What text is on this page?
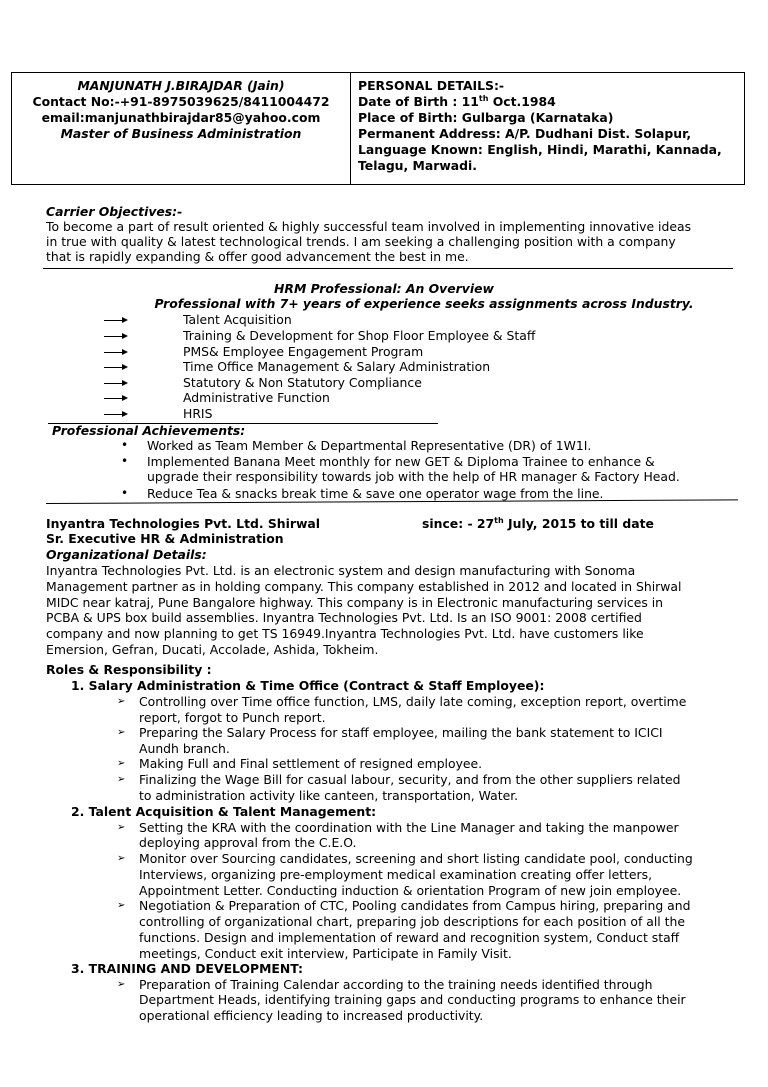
MANJUNATH J.BIRAJDAR (Jain)
Contact No:-+91-8975039625/8411004472
email:manjunathbirajdar85@yahoo.com
Master of Business Administration
PERSONAL DETAILS:-
Date of Birth : 11th Oct.1984
Place of Birth: Gulbarga (Karnataka)
Permanent Address: A/P. Dudhani Dist. Solapur,
Language Known: English, Hindi, Marathi, Kannada,
Telagu, Marwadi.
Carrier Objectives:-
To become a part of result oriented & highly successful team involved in implementing innovative ideas
in true with quality & latest technological trends. I am seeking a challenging position with a company
that is rapidly expanding & offer good advancement the best in me.
HRM Professional: An Overview
Professional with 7+ years of experience seeks assignments across Industry.
Talent Acquisition
Training & Development for Shop Floor Employee & Staff
PMS& Employee Engagement Program
Time Office Management & Salary Administration
Statutory & Non Statutory Compliance
Administrative Function
HRIS
Professional Achievements:
• Worked as Team Member & Departmental Representative (DR) of 1W1I.
• Implemented Banana Meet monthly for new GET & Diploma Trainee to enhance &
upgrade their responsibility towards job with the help of HR manager & Factory Head.
• Reduce Tea & snacks break time & save one operator wage from the line.
Inyantra Technologies Pvt. Ltd. Shirwal	since: - 27th July, 2015 to till date
Sr. Executive HR & Administration
Organizational Details:
Inyantra Technologies Pvt. Ltd. is an electronic system and design manufacturing with Sonoma
Management partner as in holding company. This company established in 2012 and located in Shirwal
MIDC near katraj, Pune Bangalore highway. This company is in Electronic manufacturing services in
PCBA & UPS box build assemblies. Inyantra Technologies Pvt. Ltd. Is an ISO 9001: 2008 certified
company and now planning to get TS 16949.Inyantra Technologies Pvt. Ltd. have customers like
Emersion, Gefran, Ducati, Accolade, Ashida, Tokheim.
Roles & Responsibility :
1. Salary Administration & Time Office (Contract & Staff Employee):
➢ Controlling over Time office function, LMS, daily late coming, exception report, overtime
report, forgot to Punch report.
➢ Preparing the Salary Process for staff employee, mailing the bank statement to ICICI
Aundh branch.
➢ Making Full and Final settlement of resigned employee.
➢ Finalizing the Wage Bill for casual labour, security, and from the other suppliers related
to administration activity like canteen, transportation, Water.
2. Talent Acquisition & Talent Management:
➢ Setting the KRA with the coordination with the Line Manager and taking the manpower
deploying approval from the C.E.O.
➢ Monitor over Sourcing candidates, screening and short listing candidate pool, conducting
Interviews, organizing pre-employment medical examination creating offer letters,
Appointment Letter. Conducting induction & orientation Program of new join employee.
➢ Negotiation & Preparation of CTC, Pooling candidates from Campus hiring, preparing and
controlling of organizational chart, preparing job descriptions for each position of all the
functions. Design and implementation of reward and recognition system, Conduct staff
meetings, Conduct exit interview, Participate in Family Visit.
3. TRAINING AND DEVELOPMENT:
➢ Preparation of Training Calendar according to the training needs identified through
Department Heads, identifying training gaps and conducting programs to enhance their
operational efficiency leading to increased productivity.
